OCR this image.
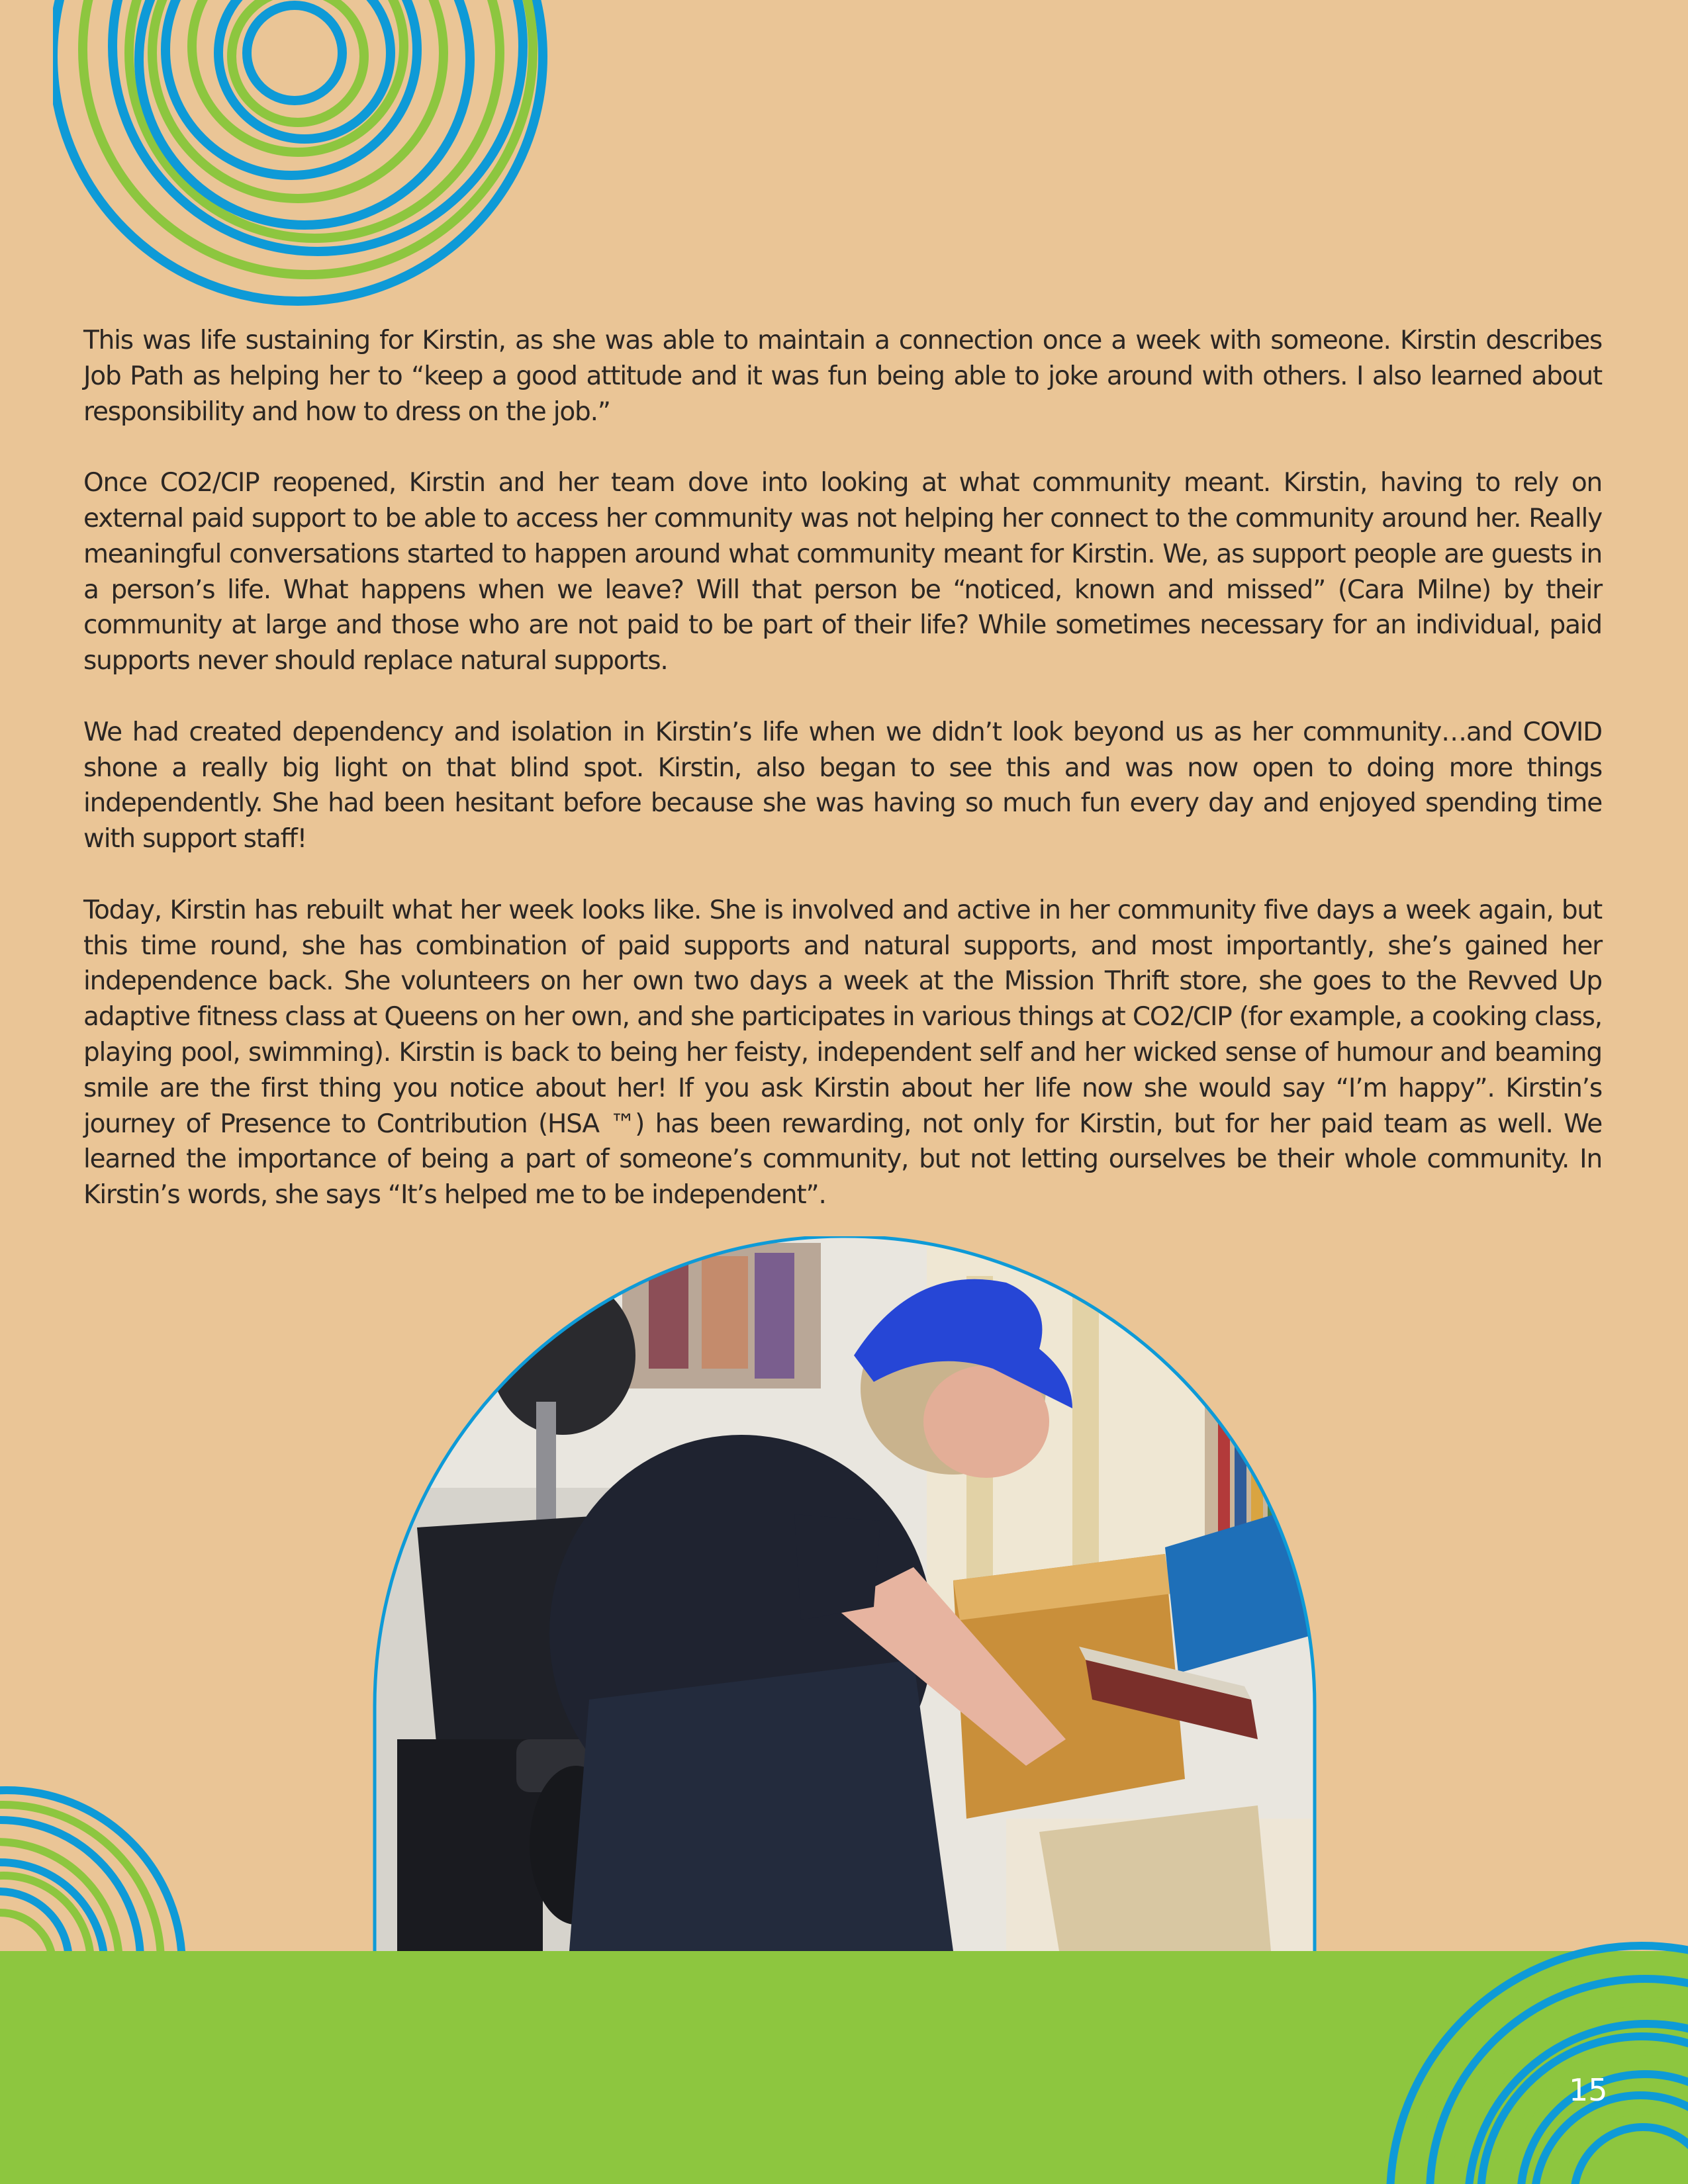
This was life sustaining for Kirstin, as she was able to maintain a connection once a week with someone. Kirstin describes Job Path as helping her to “keep a good attitude and it was fun being able to joke around with others. I also learned about responsibility and how to dress on the job.”

Once CO2/CIP reopened, Kirstin and her team dove into looking at what community meant. Kirstin, having to rely on external paid support to be able to access her community was not helping her connect to the community around her. Really meaningful conversations started to happen around what community meant for Kirstin. We, as support people are guests in a person’s life. What happens when we leave? Will that person be “noticed, known and missed” (Cara Milne) by their community at large and those who are not paid to be part of their life? While sometimes necessary for an individual, paid supports never should replace natural supports.

We had created dependency and isolation in Kirstin’s life when we didn’t look beyond us as her community…and COVID shone a really big light on that blind spot. Kirstin, also began to see this and was now open to doing more things independently. She had been hesitant before because she was having so much fun every day and enjoyed spending time with support staff!

Today, Kirstin has rebuilt what her week looks like. She is involved and active in her community five days a week again, but this time round, she has combination of paid supports and natural supports, and most importantly, she’s gained her independence back. She volunteers on her own two days a week at the Mission Thrift store, she goes to the Revved Up adaptive fitness class at Queens on her own, and she participates in various things at CO2/CIP (for example, a cooking class, playing pool, swimming). Kirstin is back to being her feisty, independent self and her wicked sense of humour and beaming smile are the first thing you notice about her! If you ask Kirstin about her life now she would say “I’m happy”. Kirstin’s journey of Presence to Contribution (HSA ™) has been rewarding, not only for Kirstin, but for her paid team as well. We learned the importance of being a part of someone’s community, but not letting ourselves be their whole community. In Kirstin’s words, she says “It’s helped me to be independent”.

15
